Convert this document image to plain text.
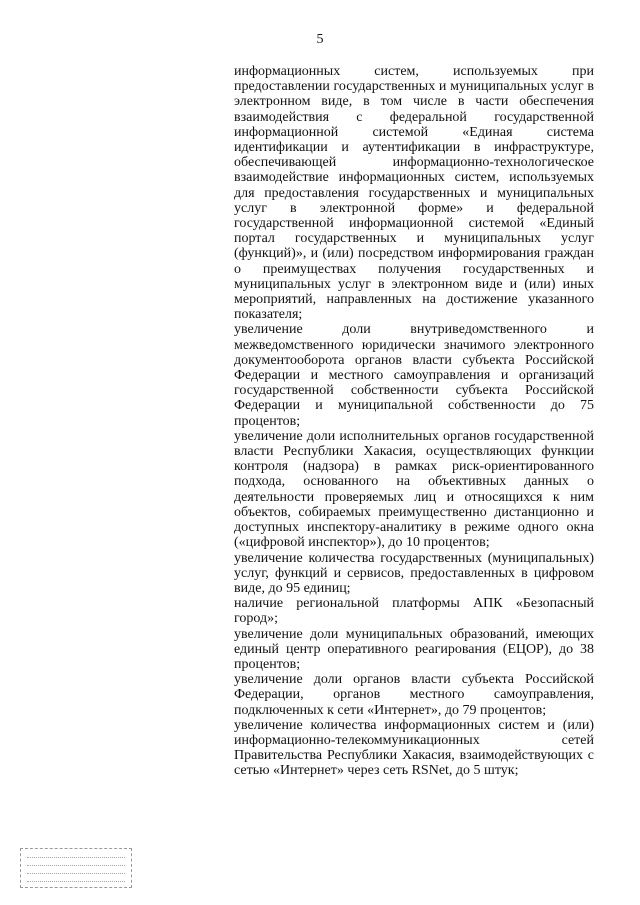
5

информационных систем, используемых при предоставлении государственных и муниципальных услуг в электронном виде, в том числе в части обеспечения взаимодействия с федеральной государственной информационной системой «Единая система идентификации и аутентификации в инфраструктуре, обеспечивающей информационно-технологическое взаимодействие информационных систем, используемых для предоставления государственных и муниципальных услуг в электронной форме» и федеральной государственной информационной системой «Единый портал государственных и муниципальных услуг (функций)», и (или) посредством информирования граждан о преимуществах получения государственных и муниципальных услуг в электронном виде и (или) иных мероприятий, направленных на достижение указанного показателя;

увеличение доли внутриведомственного и межведомственного юридически значимого электронного документооборота органов власти субъекта Российской Федерации и местного самоуправления и организаций государственной собственности субъекта Российской Федерации и муниципальной собственности до 75 процентов;

увеличение доли исполнительных органов государственной власти Республики Хакасия, осуществляющих функции контроля (надзора) в рамках риск-ориентированного подхода, основанного на объективных данных о деятельности проверяемых лиц и относящихся к ним объектов, собираемых преимущественно дистанционно и доступных инспектору-аналитику в режиме одного окна («цифровой инспектор»), до 10 процентов;

увеличение количества государственных (муниципальных) услуг, функций и сервисов, предоставленных в цифровом виде, до 95 единиц;

наличие региональной платформы АПК «Безопасный город»;

увеличение доли муниципальных образований, имеющих единый центр оперативного реагирования (ЕЦОР), до 38 процентов;

увеличение доли органов власти субъекта Российской Федерации, органов местного самоуправления, подключенных к сети «Интернет», до 79 процентов;

увеличение количества информационных систем и (или) информационно-телекоммуникационных сетей Правительства Республики Хакасия, взаимодействующих с сетью «Интернет» через сеть RSNet, до 5 штук;
